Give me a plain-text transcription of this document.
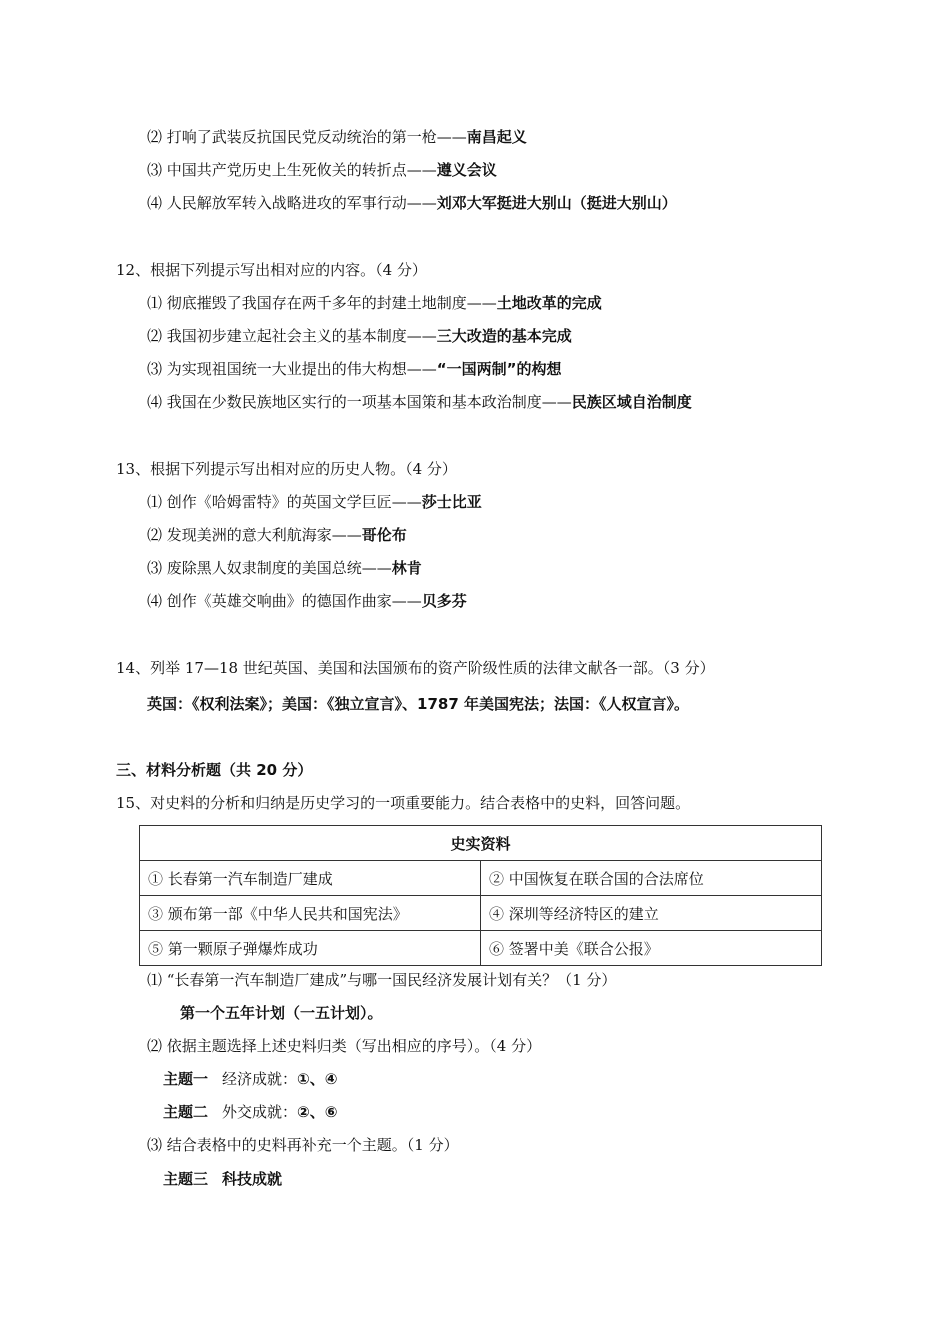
⑵ 打响了武装反抗国民党反动统治的第一枪——南昌起义
⑶ 中国共产党历史上生死攸关的转折点——遵义会议
⑷ 人民解放军转入战略进攻的军事行动——刘邓大军挺进大别山（挺进大别山）
12、根据下列提示写出相对应的内容。（4 分）
⑴ 彻底摧毁了我国存在两千多年的封建土地制度——土地改革的完成
⑵ 我国初步建立起社会主义的基本制度——三大改造的基本完成
⑶ 为实现祖国统一大业提出的伟大构想——“一国两制”的构想
⑷ 我国在少数民族地区实行的一项基本国策和基本政治制度——民族区域自治制度
13、根据下列提示写出相对应的历史人物。（4 分）
⑴ 创作《哈姆雷特》的英国文学巨匠——莎士比亚
⑵ 发现美洲的意大利航海家——哥伦布
⑶ 废除黑人奴隶制度的美国总统——林肯
⑷ 创作《英雄交响曲》的德国作曲家——贝多芬
14、列举 17—18 世纪英国、美国和法国颁布的资产阶级性质的法律文献各一部。（3 分）
英国：《权利法案》；美国：《独立宣言》、1787 年美国宪法；法国：《人权宣言》。
三、材料分析题（共 20 分）
15、对史料的分析和归纳是历史学习的一项重要能力。结合表格中的史料，回答问题。
史实资料	
① 长春第一汽车制造厂建成	② 中国恢复在联合国的合法席位
③ 颁布第一部《中华人民共和国宪法》	④ 深圳等经济特区的建立
⑤ 第一颗原子弹爆炸成功	⑥ 签署中美《联合公报》
⑴ “长春第一汽车制造厂建成”与哪一国民经济发展计划有关？（1 分）
第一个五年计划（一五计划）。
⑵ 依据主题选择上述史料归类（写出相应的序号）。（4 分）
主题一 经济成就：①、④
主题二 外交成就：②、⑥
⑶ 结合表格中的史料再补充一个主题。（1 分）
主题三 科技成就
